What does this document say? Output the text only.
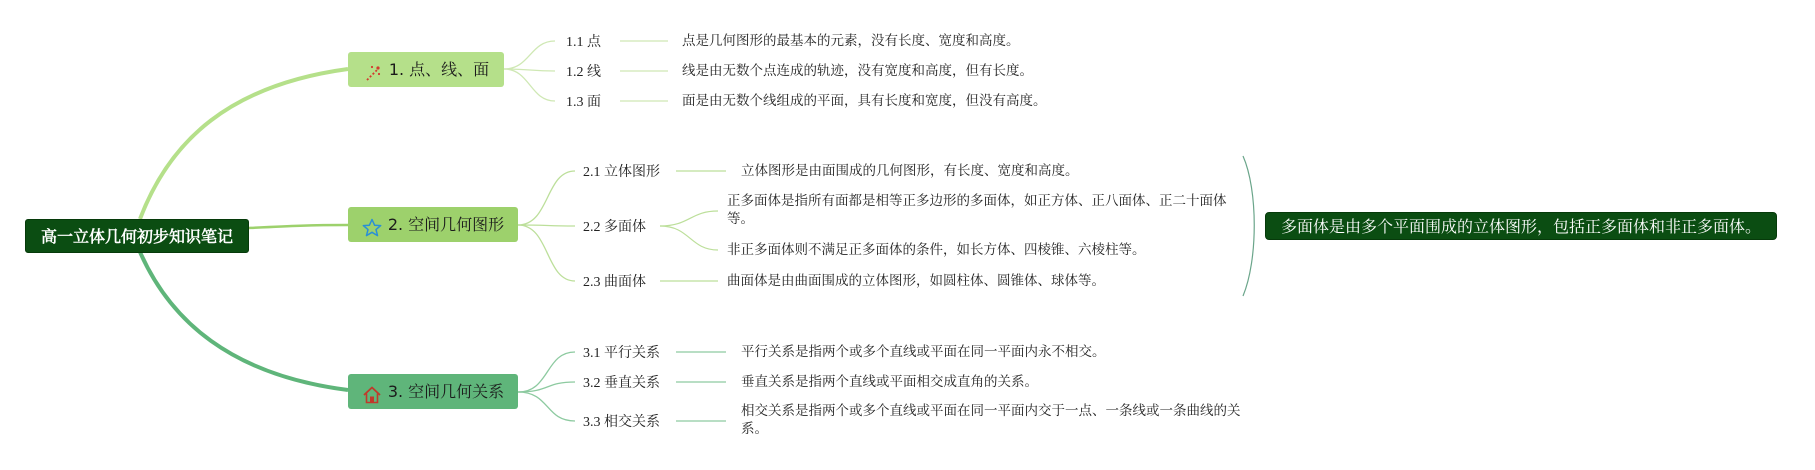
高一立体几何初步知识笔记
1. 点、线、面
2. 空间几何图形
3. 空间几何关系
1.1 点
1.2 线
1.3 面
点是几何图形的最基本的元素，没有长度、宽度和高度。
线是由无数个点连成的轨迹，没有宽度和高度，但有长度。
面是由无数个线组成的平面，具有长度和宽度，但没有高度。
2.1 立体图形
2.2 多面体
2.3 曲面体
立体图形是由面围成的几何图形，有长度、宽度和高度。
正多面体是指所有面都是相等正多边形的多面体，如正方体、正八面体、正二十面体等。
非正多面体则不满足正多面体的条件，如长方体、四棱锥、六棱柱等。
曲面体是由曲面围成的立体图形，如圆柱体、圆锥体、球体等。
3.1 平行关系
3.2 垂直关系
3.3 相交关系
平行关系是指两个或多个直线或平面在同一平面内永不相交。
垂直关系是指两个直线或平面相交成直角的关系。
相交关系是指两个或多个直线或平面在同一平面内交于一点、一条线或一条曲线的关系。
多面体是由多个平面围成的立体图形，包括正多面体和非正多面体。
